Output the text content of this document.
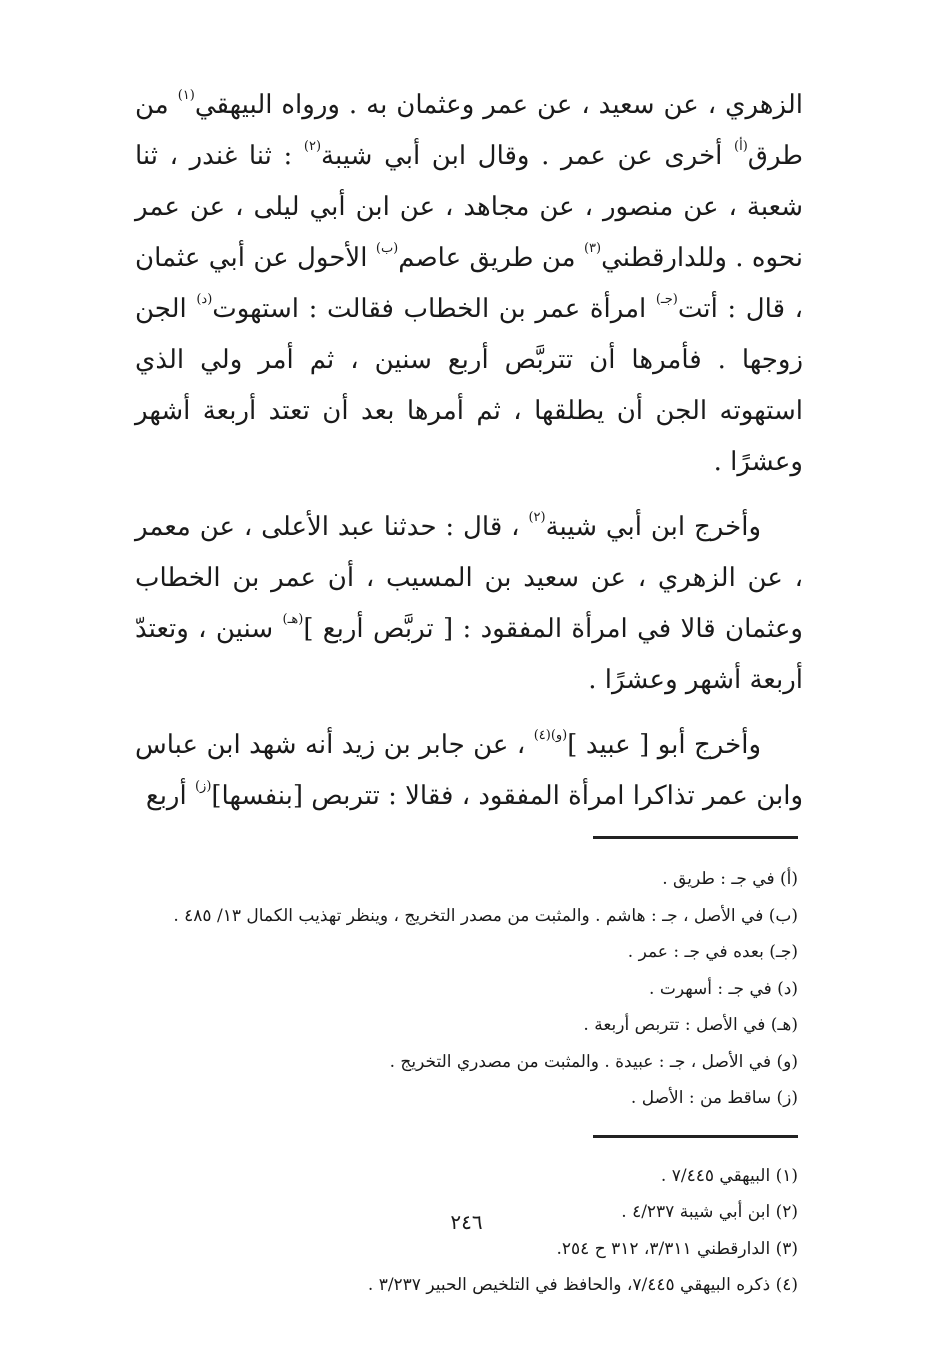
الزهري ، عن سعيد ، عن عمر وعثمان به . ورواه البيهقي$^{(١)}$ من طرق$^{(أ)}$ أخرى عن عمر . وقال ابن أبي شيبة$^{(٢)}$ : ثنا غندر ، ثنا شعبة ، عن منصور ، عن مجاهد ، عن ابن أبي ليلى ، عن عمر نحوه . وللدارقطني$^{(٣)}$ من طريق عاصم$^{(ب)}$ الأحول عن أبي عثمان ، قال : أتت$^{(جـ)}$ امرأة عمر بن الخطاب فقالت : استهوت$^{(د)}$ الجن زوجها . فأمرها أن تتربَّص أربع سنين ، ثم أمر ولي الذي استهوته الجن أن يطلقها ، ثم أمرها بعد أن تعتد أربعة أشهر وعشرًا .

وأخرج ابن أبي شيبة$^{(٢)}$ ، قال : حدثنا عبد الأعلى ، عن معمر ، عن الزهري ، عن سعيد بن المسيب ، أن عمر بن الخطاب وعثمان قالا في امرأة المفقود : [ تربَّص أربع ]$^{(هـ)}$ سنين ، وتعتدّ أربعة أشهر وعشرًا .

وأخرج أبو [ عبيد ]$^{(و)(٤)}$ ، عن جابر بن زيد أنه شهد ابن عباس وابن عمر تذاكرا امرأة المفقود ، فقالا : تتربص [بنفسها]$^{(ز)}$ أربع

(أ) في جـ : طريق .
(ب) في الأصل ، جـ : هاشم . والمثبت من مصدر التخريج ، وينظر تهذيب الكمال ١٣/ ٤٨٥ .
(جـ) بعده في جـ : عمر .
(د) في جـ : أسهرت .
(هـ) في الأصل : تتربص أربعة .
(و) في الأصل ، جـ : عبيدة . والمثبت من مصدري التخريج .
(ز) ساقط من : الأصل .
(١) البيهقي ٧/٤٤٥ .
(٢) ابن أبي شيبة ٤/٢٣٧ .
(٣) الدارقطني ٣/٣١١، ٣١٢ ح ٢٥٤.
(٤) ذكره البيهقي ٧/٤٤٥، والحافظ في التلخيص الحبير ٣/٢٣٧ .
٢٤٦
